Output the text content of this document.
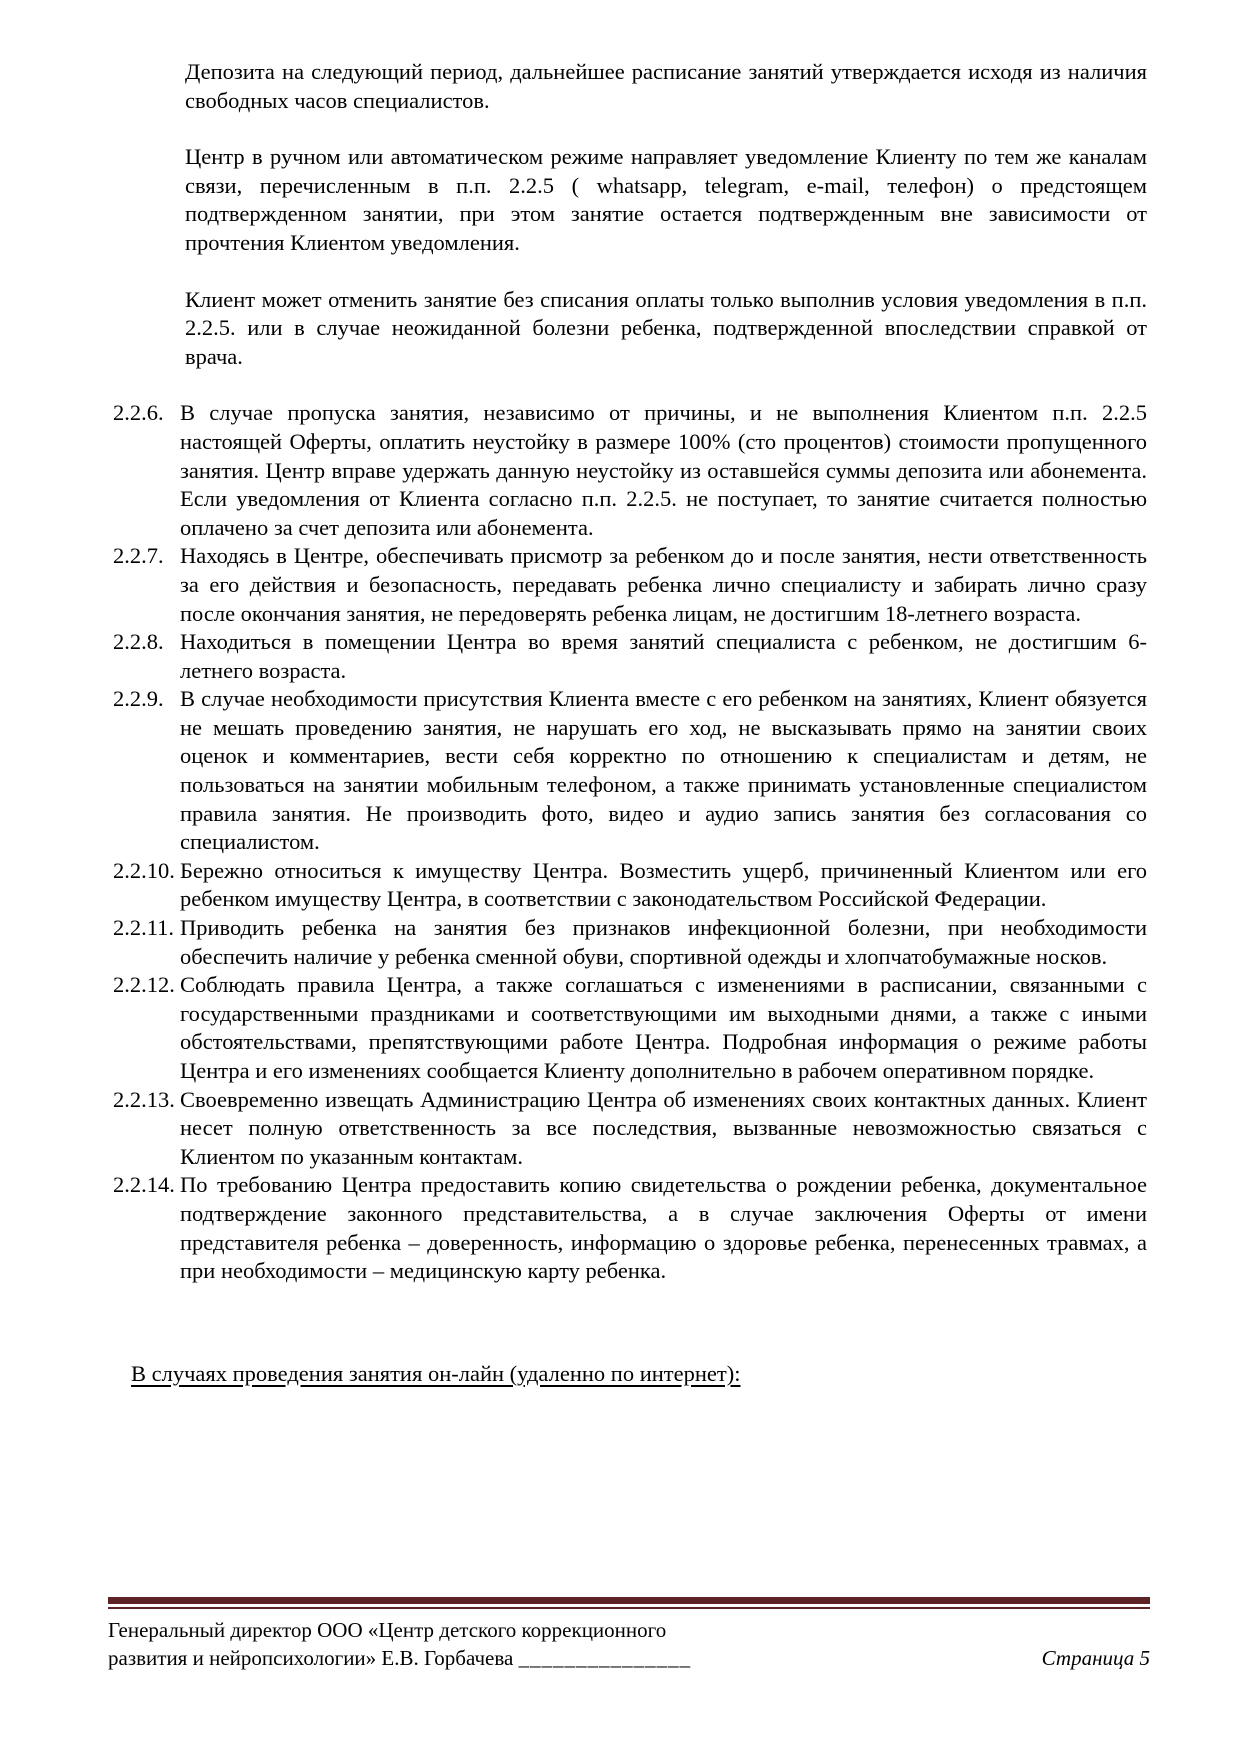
Депозита на следующий период, дальнейшее расписание занятий утверждается исходя из наличия свободных часов специалистов.

Центр в ручном или автоматическом режиме направляет уведомление Клиенту по тем же каналам связи, перечисленным в п.п. 2.2.5 ( whatsapp, telegram, e-mail, телефон) о предстоящем подтвержденном занятии, при этом занятие остается подтвержденным вне зависимости от прочтения Клиентом уведомления.

Клиент может отменить занятие без списания оплаты только выполнив условия уведомления в п.п. 2.2.5. или в случае неожиданной болезни ребенка, подтвержденной впоследствии справкой от врача.

2.2.6. В случае пропуска занятия, независимо от причины, и не выполнения Клиентом п.п. 2.2.5 настоящей Оферты, оплатить неустойку в размере 100% (сто процентов) стоимости пропущенного занятия. Центр вправе удержать данную неустойку из оставшейся суммы депозита или абонемента. Если уведомления от Клиента согласно п.п. 2.2.5. не поступает, то занятие считается полностью оплачено за счет депозита или абонемента.
2.2.7. Находясь в Центре, обеспечивать присмотр за ребенком до и после занятия, нести ответственность за его действия и безопасность, передавать ребенка лично специалисту и забирать лично сразу после окончания занятия, не передоверять ребенка лицам, не достигшим 18-летнего возраста.
2.2.8. Находиться в помещении Центра во время занятий специалиста с ребенком, не достигшим 6-летнего возраста.
2.2.9. В случае необходимости присутствия Клиента вместе с его ребенком на занятиях, Клиент обязуется не мешать проведению занятия, не нарушать его ход, не высказывать прямо на занятии своих оценок и комментариев, вести себя корректно по отношению к специалистам и детям, не пользоваться на занятии мобильным телефоном, а также принимать установленные специалистом правила занятия. Не производить фото, видео и аудио запись занятия без согласования со специалистом.
2.2.10. Бережно относиться к имуществу Центра. Возместить ущерб, причиненный Клиентом или его ребенком имуществу Центра, в соответствии с законодательством Российской Федерации.
2.2.11. Приводить ребенка на занятия без признаков инфекционной болезни, при необходимости обеспечить наличие у ребенка сменной обуви, спортивной одежды и хлопчатобумажные носков.
2.2.12. Соблюдать правила Центра, а также соглашаться с изменениями в расписании, связанными с государственными праздниками и соответствующими им выходными днями, а также с иными обстоятельствами, препятствующими работе Центра. Подробная информация о режиме работы Центра и его изменениях сообщается Клиенту дополнительно в рабочем оперативном порядке.
2.2.13. Своевременно извещать Администрацию Центра об изменениях своих контактных данных. Клиент несет полную ответственность за все последствия, вызванные невозможностью связаться с Клиентом по указанным контактам.
2.2.14. По требованию Центра предоставить копию свидетельства о рождении ребенка, документальное подтверждение законного представительства, а в случае заключения Оферты от имени представителя ребенка – доверенность, информацию о здоровье ребенка, перенесенных травмах, а при необходимости – медицинскую карту ребенка.

В случаях проведения занятия он-лайн (удаленно по интернет):

Генеральный директор ООО «Центр детского коррекционного
развития и нейропсихологии» Е.В. Горбачева _______________	Страница 5
